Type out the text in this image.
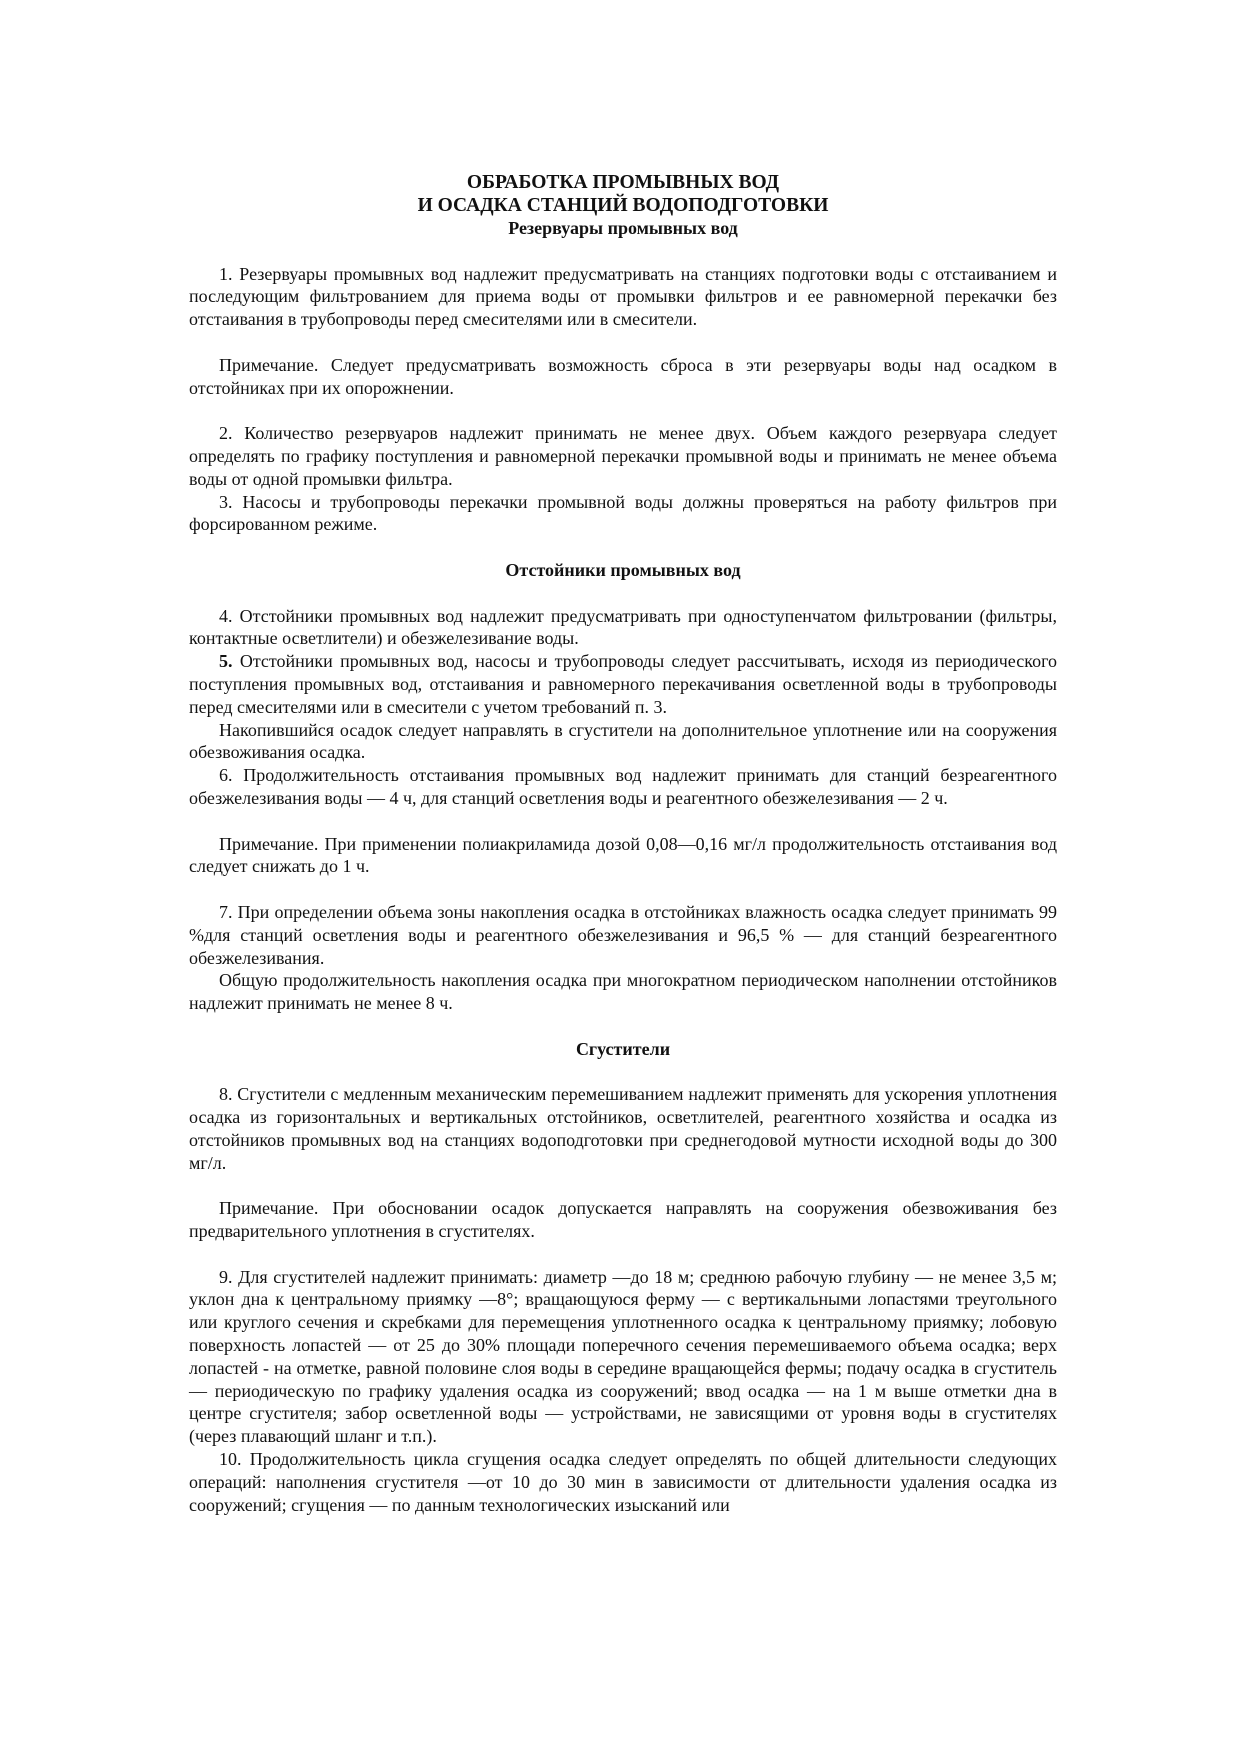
ОБРАБОТКА ПРОМЫВНЫХ ВОД
И ОСАДКА СТАНЦИЙ ВОДОПОДГОТОВКИ
Резервуары промывных вод

1. Резервуары промывных вод надлежит предусматривать на станциях подготовки воды с отстаиванием и последующим фильтрованием для приема воды от промывки фильтров и ее равномерной перекачки без отстаивания в трубопроводы перед смесителями или в смесители.

Примечание. Следует предусматривать возможность сброса в эти резервуары воды над осадком в отстойниках при их опорожнении.

2. Количество резервуаров надлежит принимать не менее двух. Объем каждого резервуара следует определять по графику поступления и равномерной перекачки промывной воды и принимать не менее объема воды от одной промывки фильтра.

3. Насосы и трубопроводы перекачки промывной воды должны проверяться на работу фильтров при форсированном режиме.

Отстойники промывных вод

4. Отстойники промывных вод надлежит предусматривать при одноступенчатом фильтровании (фильтры, контактные осветлители) и обезжелезивание воды.

5. Отстойники промывных вод, насосы и трубопроводы следует рассчитывать, исходя из периодического поступления промывных вод, отстаивания и равномерного перекачивания осветленной воды в трубопроводы перед смесителями или в смесители с учетом требований п. 3.

Накопившийся осадок следует направлять в сгустители на дополнительное уплотнение или на сооружения обезвоживания осадка.

6. Продолжительность отстаивания промывных вод надлежит принимать для станций безреагентного обезжелезивания воды — 4 ч, для станций осветления воды и реагентного обезжелезивания — 2 ч.

Примечание. При применении полиакриламида дозой 0,08—0,16 мг/л продолжительность отстаивания вод следует снижать до 1 ч.

7. При определении объема зоны накопления осадка в отстойниках влажность осадка следует принимать 99 %для станций осветления воды и реагентного обезжелезивания и 96,5 % — для станций безреагентного обезжелезивания.

Общую продолжительность накопления осадка при многократном периодическом наполнении отстойников надлежит принимать не менее 8 ч.

Сгустители

8. Сгустители с медленным механическим перемешиванием надлежит применять для ускорения уплотнения осадка из горизонтальных и вертикальных отстойников, осветлителей, реагентного хозяйства и осадка из отстойников промывных вод на станциях водоподготовки при среднегодовой мутности исходной воды до 300 мг/л.

Примечание. При обосновании осадок допускается направлять на сооружения обезвоживания без предварительного уплотнения в сгустителях.

9. Для сгустителей надлежит принимать: диаметр —до 18 м; среднюю рабочую глубину — не менее 3,5 м; уклон дна к центральному приямку —8°; вращающуюся ферму — с вертикальными лопастями треугольного или круглого сечения и скребками для перемещения уплотненного осадка к центральному приямку; лобовую поверхность лопастей — от 25 до 30% площади поперечного сечения перемешиваемого объема осадка; верх лопастей - на отметке, равной половине слоя воды в середине вращающейся фермы; подачу осадка в сгуститель — периодическую по графику удаления осадка из сооружений; ввод осадка — на 1 м выше отметки дна в центре сгустителя; забор осветленной воды — устройствами, не зависящими от уровня воды в сгустителях (через плавающий шланг и т.п.).

10. Продолжительность цикла сгущения осадка следует определять по общей длительности следующих операций: наполнения сгустителя —от 10 до 30 мин в зависимости от длительности удаления осадка из сооружений; сгущения — по данным технологических изысканий или
